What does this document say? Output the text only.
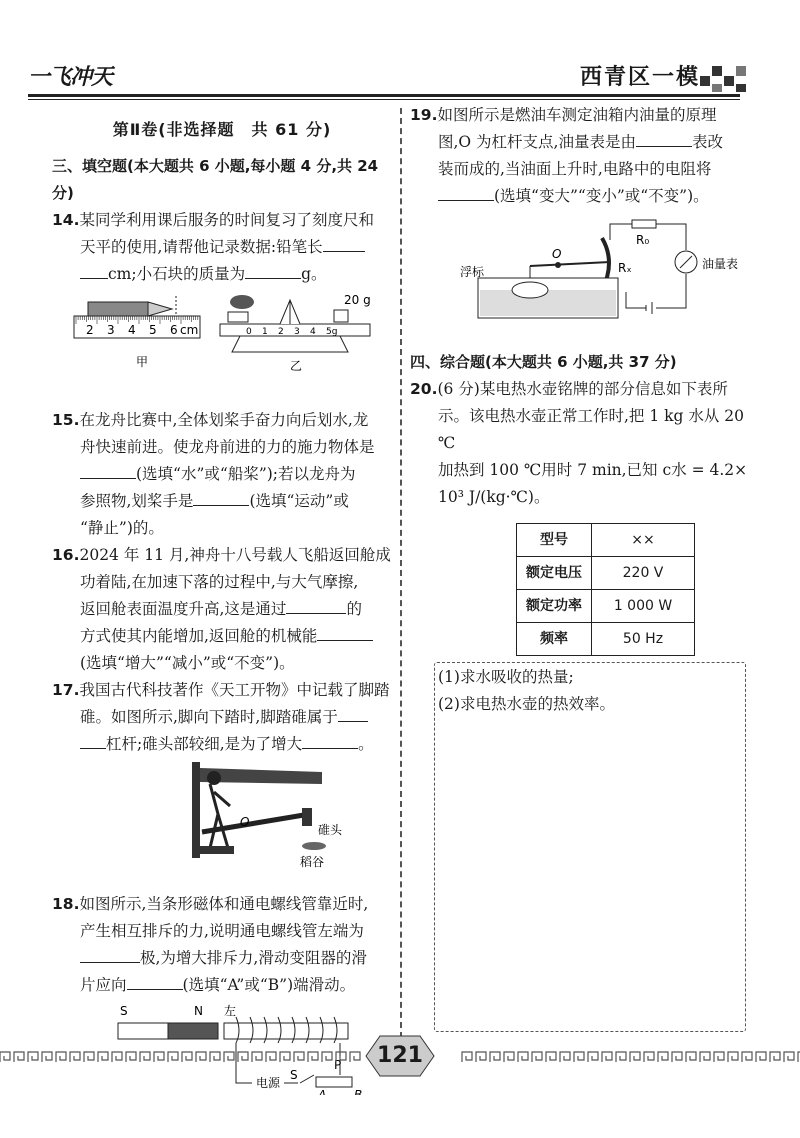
一飞冲天	西青区一模

第Ⅱ卷(非选择题　共 61 分)

三、填空题(本大题共 6 小题,每小题 4 分,共 24 分)

14.某同学利用课后服务的时间复习了刻度尺和

天平的使用,请帮他记录数据:铅笔长

cm;小石块的质量为	g。

2 3 4 5 6 cm
甲
20 g
0 1 2 3 4 5g
乙

15.在龙舟比赛中,全体划桨手奋力向后划水,龙

舟快速前进。使龙舟前进的力的施力物体是

(选填“水”或“船桨”);若以龙舟为

参照物,划桨手是	(选填“运动”或

“静止”)的。

16.2024 年 11 月,神舟十八号载人飞船返回舱成

功着陆,在加速下落的过程中,与大气摩擦,

返回舱表面温度升高,这是通过	的

方式使其内能增加,返回舱的机械能

(选填“增大”“减小”或“不变”)。

17.我国古代科技著作《天工开物》中记载了脚踏

碓。如图所示,脚向下踏时,脚踏碓属于

杠杆;碓头部较细,是为了增大	。

O
碓头
稻谷

18.如图所示,当条形磁体和通电螺线管靠近时,

产生相互排斥的力,说明通电螺线管左端为

极,为增大排斥力,滑动变阻器的滑

片应向	(选填“A”或“B”)端滑动。

S	N 左
电源
S
P
A B

19.如图所示是燃油车测定油箱内油量的原理

图,O 为杠杆支点,油量表是由	表改

装而成的,当油面上升时,电路中的电阻将

(选填“变大”“变小”或“不变”)。

R₀
油量表
Rₓ
O
浮标

四、综合题(本大题共 6 小题,共 37 分)

20.(6 分)某电热水壶铭牌的部分信息如下表所

示。该电热水壶正常工作时,把 1 kg 水从 20 ℃

加热到 100 ℃用时 7 min,已知 c水 = 4.2×

10³ J/(kg·℃)。

型号	××
额定电压	220 V
额定功率	1 000 W
频率	50 Hz

(1)求水吸收的热量;

(2)求电热水壶的热效率。

121
